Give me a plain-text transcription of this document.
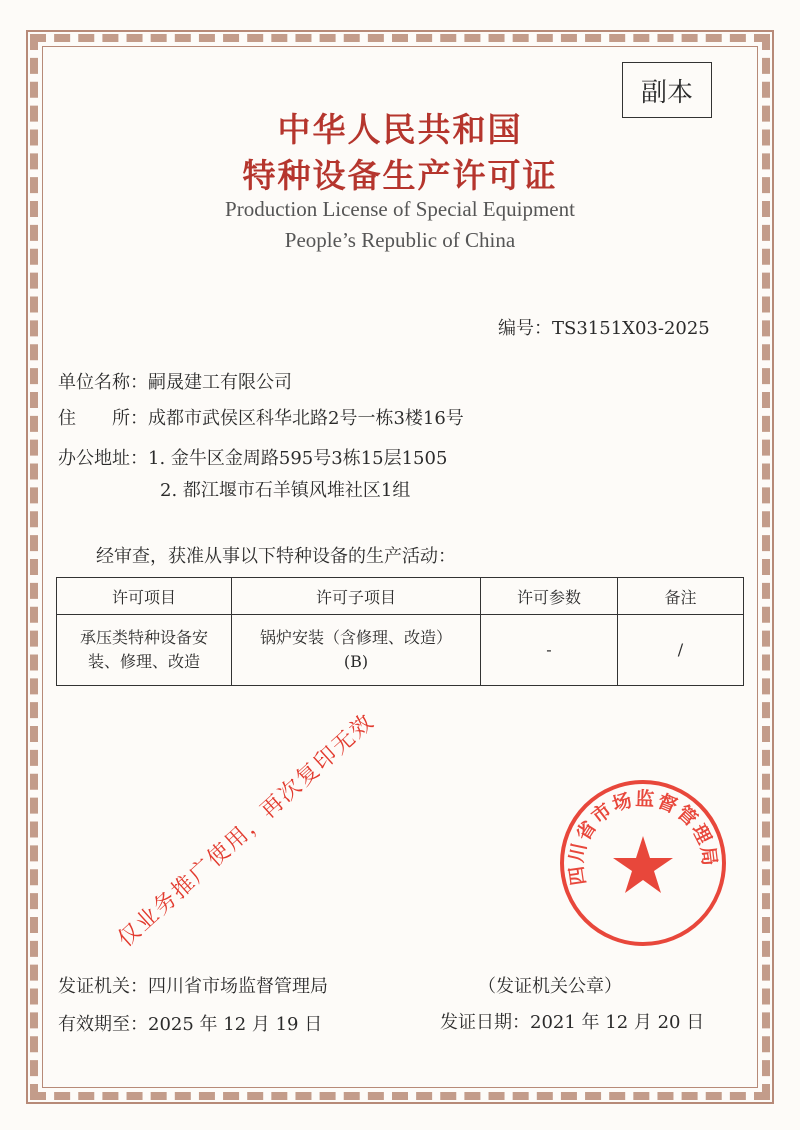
副本
中华人民共和国
特种设备生产许可证
Production License of Special Equipment
People’s Republic of China
编号：TS3151X03-2025
单位名称：嗣晟建工有限公司
住　　所：成都市武侯区科华北路2号一栋3楼16号
办公地址：1. 金牛区金周路595号3栋15层1505
2. 都江堰市石羊镇风堆社区1组
经审查，获准从事以下特种设备的生产活动：
许可项目	许可子项目	许可参数	备注
承压类特种设备安装、修理、改造	锅炉安装（含修理、改造）(B)	-	/
仅业务推广使用，再次复印无效	四川省市场监督管理局
发证机关：四川省市场监督管理局	（发证机关公章）
有效期至：2025 年 12 月 19 日	发证日期：2021 年 12 月 20 日
